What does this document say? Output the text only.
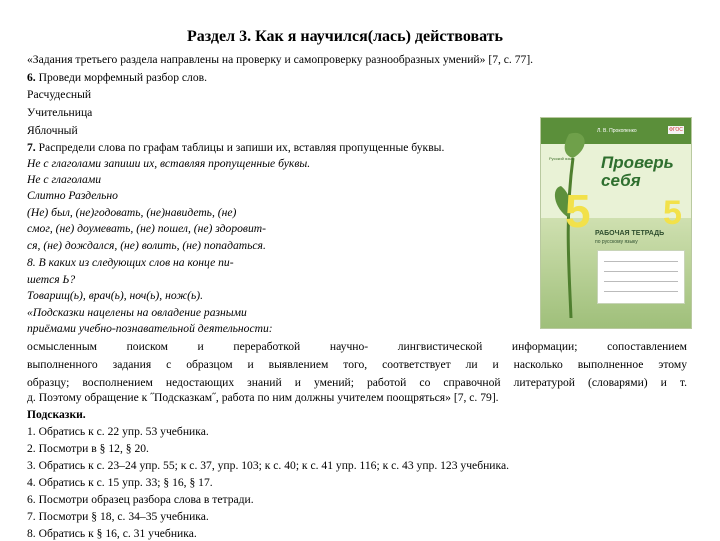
Раздел 3. Как я научился(лась) действовать
«Задания третьего раздела направлены на проверку и самопроверку разнообразных умений» [7, с. 77].
6. Проведи морфемный разбор слов.
Расчудесный
Учительница
Яблочный
7. Распредели слова по графам таблицы и запиши их, вставляя пропущенные буквы.
Не с глаголами запиши их, вставляя пропущенные буквы.
Не с глаголами
Слитно Раздельно
(Не) был, (не)годовать, (не)навидеть, (не)
смог, (не) доумевать, (не) пошел, (не) здоровит-
ся, (не) дождался, (не) волить, (не) попадаться.
8. В каких из следующих слов на конце пи-
шется Ь?
Товарищ(ь), врач(ь), ноч(ь), нож(ь).
«Подсказки нацелены на овладение разными
приёмами учебно-познавательной деятельности:
осмысленным поиском и переработкой научно- лингвистической информации; сопоставлением
выполненного задания с образцом и выявлением того, соответствует ли и насколько выполненное этому
образцу; восполнением недостающих знаний и умений; работой со справочной литературой (словарями) и т.
д. Поэтому обращение к ˝Подсказкам˝, работа по ним должны учителем поощряться» [7, с. 79].
Подсказки.
1. Обратись к с. 22 упр. 53 учебника.
2. Посмотри в § 12, § 20.
3. Обратись к с. 23–24 упр. 55; к с. 37, упр. 103; к с. 40; к с. 41 упр. 116; к с. 43 упр. 123 учебника.
4. Обратись к с. 15 упр. 33; § 16, § 17.
6. Посмотри образец разбора слова в тетради.
7. Посмотри § 18, с. 34–35 учебника.
8. Обратись к § 16, с. 31 учебника.
Л. В. Прокопенко	ФГОС
Русский язык	Проверь
себя
5 5
РАБОЧАЯ ТЕТРАДЬ
по русскому языку
